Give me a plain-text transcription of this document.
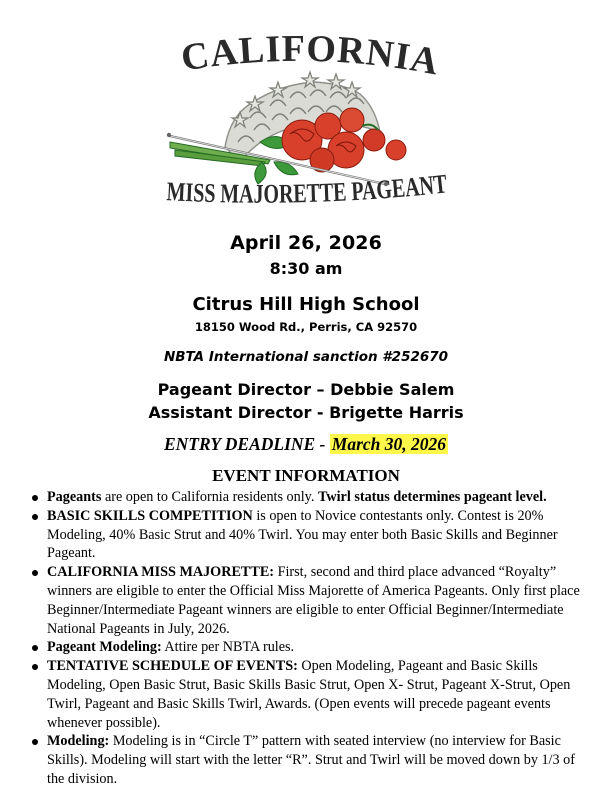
CALIFORNIA
MISS MAJORETTE PAGEANT
April 26, 2026
8:30 am
Citrus Hill High School
18150 Wood Rd., Perris, CA 92570
NBTA International sanction #252670
Pageant Director – Debbie Salem
Assistant Director - Brigette Harris
ENTRY DEADLINE - March 30, 2026
EVENT INFORMATION
Pageants are open to California residents only. Twirl status determines pageant level.
BASIC SKILLS COMPETITION is open to Novice contestants only. Contest is 20% Modeling, 40% Basic Strut and 40% Twirl. You may enter both Basic Skills and Beginner Pageant.
CALIFORNIA MISS MAJORETTE: First, second and third place advanced “Royalty” winners are eligible to enter the Official Miss Majorette of America Pageants. Only first place Beginner/Intermediate Pageant winners are eligible to enter Official Beginner/Intermediate National Pageants in July, 2026.
Pageant Modeling: Attire per NBTA rules.
TENTATIVE SCHEDULE OF EVENTS: Open Modeling, Pageant and Basic Skills Modeling, Open Basic Strut, Basic Skills Basic Strut, Open X- Strut, Pageant X-Strut, Open Twirl, Pageant and Basic Skills Twirl, Awards. (Open events will precede pageant events whenever possible).
Modeling: Modeling is in “Circle T” pattern with seated interview (no interview for Basic Skills). Modeling will start with the letter “R”. Strut and Twirl will be moved down by 1/3 of the division.
